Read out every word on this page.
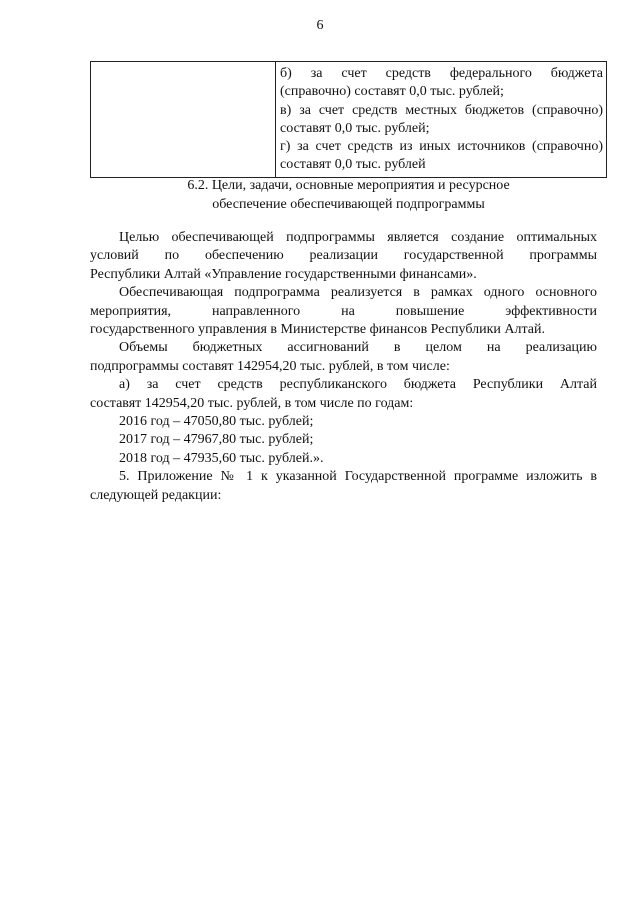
6

б) за счет средств федерального бюджета
(справочно) составят 0,0 тыс. рублей;
в) за счет средств местных бюджетов (справочно)
составят 0,0 тыс. рублей;
г) за счет средств из иных источников (справочно)
составят 0,0 тыс. рублей
6.2. Цели, задачи, основные мероприятия и ресурсное
обеспечение обеспечивающей подпрограммы
Целью обеспечивающей подпрограммы является создание оптимальных
условий по обеспечению реализации государственной программы
Республики Алтай «Управление государственными финансами».
Обеспечивающая подпрограмма реализуется в рамках одного основного
мероприятия, направленного на повышение эффективности
государственного управления в Министерстве финансов Республики Алтай.
Объемы бюджетных ассигнований в целом на реализацию
подпрограммы составят 142954,20 тыс. рублей, в том числе:
а) за счет средств республиканского бюджета Республики Алтай
составят 142954,20 тыс. рублей, в том числе по годам:
2016 год – 47050,80 тыс. рублей;
2017 год – 47967,80 тыс. рублей;
2018 год – 47935,60 тыс. рублей.».
5. Приложение № 1 к указанной Государственной программе изложить в
следующей редакции:
